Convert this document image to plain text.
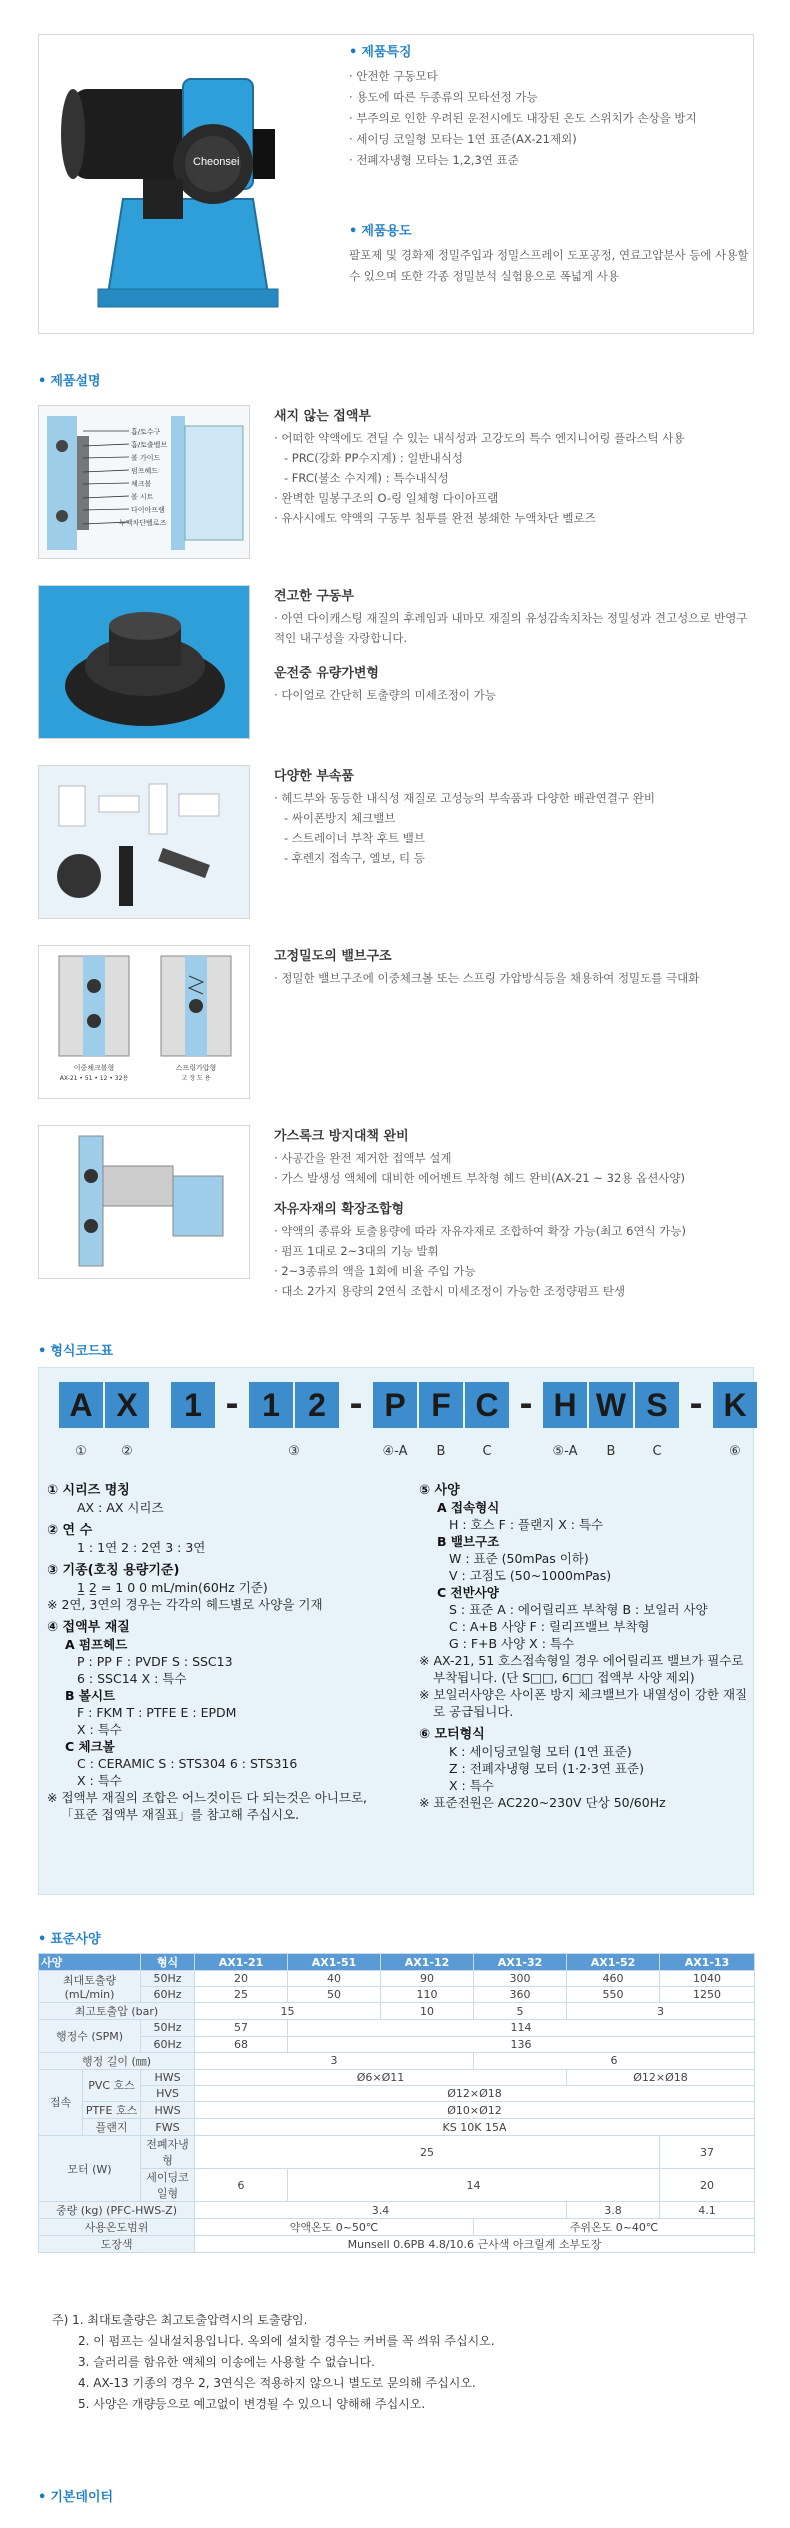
Cheonsei
• 제품특징
· 안전한 구동모타
· 용도에 따른 두종류의 모타선정 가능
· 부주의로 인한 우려된 운전시에도 내장된 온도 스위치가 손상을 방지
· 세이딩 코일형 모타는 1연 표준(AX-21제외)
· 전폐자냉형 모타는 1,2,3연 표준
• 제품용도

팔포제 및 경화제 정밀주입과 정밀스프레이 도포공정, 연료고압분사 등에 사용할 수 있으며 또한 각종 정밀분석 실험용으로 폭넓게 사용

• 제품설명
흡/토수구
흡/토출밸브
볼 가이드
펌프헤드
체크볼
볼 시트
다이아프램
누액차단벨로즈
새지 않는 접액부
· 어떠한 약액에도 견딜 수 있는 내식성과 고강도의 특수 엔지니어링 플라스틱 사용
- PRC(강화 PP수지계) : 일반내식성
- FRC(불소 수지계) : 특수내식성
· 완벽한 밀봉구조의 O-링 일체형 다이아프램
· 유사시에도 약액의 구동부 침투를 완전 봉쇄한 누액차단 벨로즈
견고한 구동부
· 아연 다이캐스팅 재질의 후레임과 내마모 재질의 유성감속치차는 정밀성과 견고성으로 반영구적인 내구성을 자랑합니다.
운전중 유량가변형
· 다이얼로 간단히 토출량의 미세조정이 가능
다양한 부속품
· 헤드부와 동등한 내식성 재질로 고성능의 부속품과 다양한 배관연결구 완비
- 싸이폰방지 체크밸브
- 스트레이너 부착 후트 밸브
- 후렌지 접속구, 엘보, 티 등
이중체크볼형
AX-21 • 51 • 12 • 32용
스프링가압형
고 정 도 용
고정밀도의 밸브구조
· 정밀한 밸브구조에 이중체크볼 또는 스프링 가압방식등을 채용하여 정밀도를 극대화
가스록크 방지대책 완비
· 사공간을 완전 제거한 접액부 설계
· 가스 발생성 액체에 대비한 에어벤트 부착형 헤드 완비(AX-21 ~ 32용 옵션사양)
자유자재의 확장조합형
· 약액의 종류와 토출용량에 따라 자유자재로 조합하여 확장 가능(최고 6연식 가능)
· 펌프 1대로 2~3대의 기능 발휘
· 2~3종류의 액을 1회에 비율 주입 가능
· 대소 2가지 용량의 2연식 조합시 미세조정이 가능한 조정량펌프 탄생
• 형식코드표
A X	1 - 1 2 - P F C - H W S - K
①	②	③	④-A	B	C	⑤-A	B	C	⑥
① 시리즈 명칭
AX : AX 시리즈
② 연 수
1 : 1연 2 : 2연 3 : 3연
③ 기종(호칭 용량기준)
1̲ 2̲ = 1 0 0 mL/min(60Hz 기준)
※ 2연, 3연의 경우는 각각의 헤드별로 사양을 기재
④ 접액부 재질
A 펌프헤드
P : PP F : PVDF S : SSC13
6 : SSC14 X : 특수
B 볼시트
F : FKM T : PTFE E : EPDM
X : 특수
C 체크볼
C : CERAMIC S : STS304 6 : STS316
X : 특수
※ 접액부 재질의 조합은 어느것이든 다 되는것은 아니므로, 「표준 접액부 재질표」를 참고해 주십시오.
⑤ 사양
A 접속형식
H : 호스 F : 플랜지 X : 특수
B 밸브구조
W : 표준 (50mPas 이하)
V : 고점도 (50~1000mPas)
C 전반사양
S : 표준 A : 에어릴리프 부착형 B : 보일러 사양
C : A+B 사양 F : 릴리프밸브 부착형
G : F+B 사양 X : 특수
※ AX-21, 51 호스접속형일 경우 에어릴리프 밸브가 필수로 부착됩니다. (단 S□□, 6□□ 접액부 사양 제외)
※ 보일러사양은 사이폰 방지 체크밸브가 내열성이 강한 재질로 공급됩니다.
⑥ 모터형식
K : 세이딩코일형 모터 (1연 표준)
Z : 전폐자냉형 모터 (1·2·3연 표준)
X : 특수
※ 표준전원은 AC220~230V 단상 50/60Hz
• 표준사양
사양		형식	AX1-21	AX1-51	AX1-12	AX1-32	AX1-52	AX1-13
최대토출량 (mL/min)		50Hz	20	40	90	300	460	1040
		60Hz	25	50	110	360	550	1250
최고토출압 (bar)			15		10	5	3	
행정수 (SPM)		50Hz	57	114				
		60Hz	68	136				
행정 길이 (㎜)			3			6		
접속	PVC 호스	HWS	Ø6×Ø11				Ø12×Ø18	
		HVS	Ø12×Ø18					
	PTFE 호스	HWS	Ø10×Ø12					
	플랜지	FWS	KS 10K 15A					
모터 (W)		전폐자냉형	25					37
		세이딩코일형	6	14				20
중량 (kg) (PFC-HWS-Z)			3.4				3.8	4.1
사용온도범위			약액온도 0~50℃			주위온도 0~40℃		
도장색			Munsell 0.6PB 4.8/10.6 근사색 아크릴계 소부도장					
주) 1. 최대토출량은 최고토출압력시의 토출량임.
2. 이 펌프는 실내설치용입니다. 옥외에 설치할 경우는 커버를 꼭 씌워 주십시오.
3. 슬러리를 함유한 액체의 이송에는 사용할 수 없습니다.
4. AX-13 기종의 경우 2, 3연식은 적용하지 않으니 별도로 문의해 주십시오.
5. 사양은 개량등으로 예고없이 변경될 수 있으니 양해해 주십시오.
• 기본데이터
